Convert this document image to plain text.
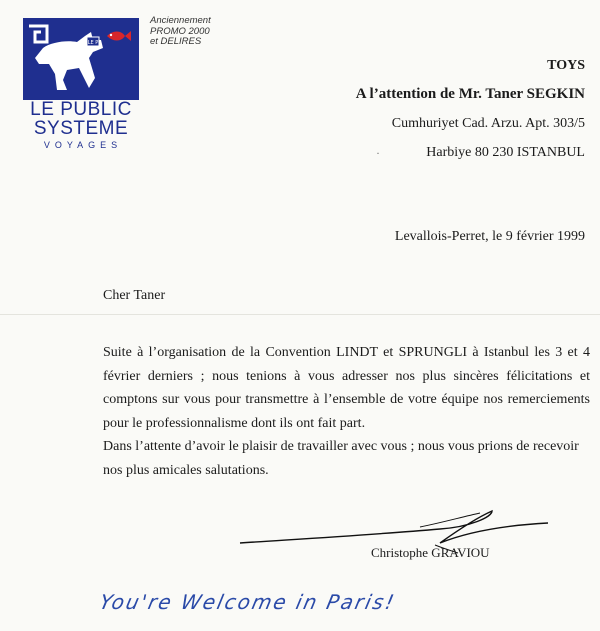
LE P
LE PUBLIC
SYSTEME
VOYAGES
Anciennement
PROMO 2000
et DELIRES
TOYS
A l’attention de Mr. Taner SEGKIN
Cumhuriyet Cad. Arzu. Apt. 303/5
·	Harbiye 80 230 ISTANBUL
Levallois-Perret, le 9 février 1999
Cher Taner

Suite à l’organisation de la Convention LINDT et SPRUNGLI à Istanbul les 3 et 4 février derniers ; nous tenions à vous adresser nos plus sincères félicitations et comptons sur vous pour transmettre à l’ensemble de votre équipe nos remerciements pour le professionnalisme dont ils ont fait part.

Dans l’attente d’avoir le plaisir de travailler avec vous ; nous vous prions de recevoir nos plus amicales salutations.

Christophe GRAVIOU
You're Welcome in Paris!
